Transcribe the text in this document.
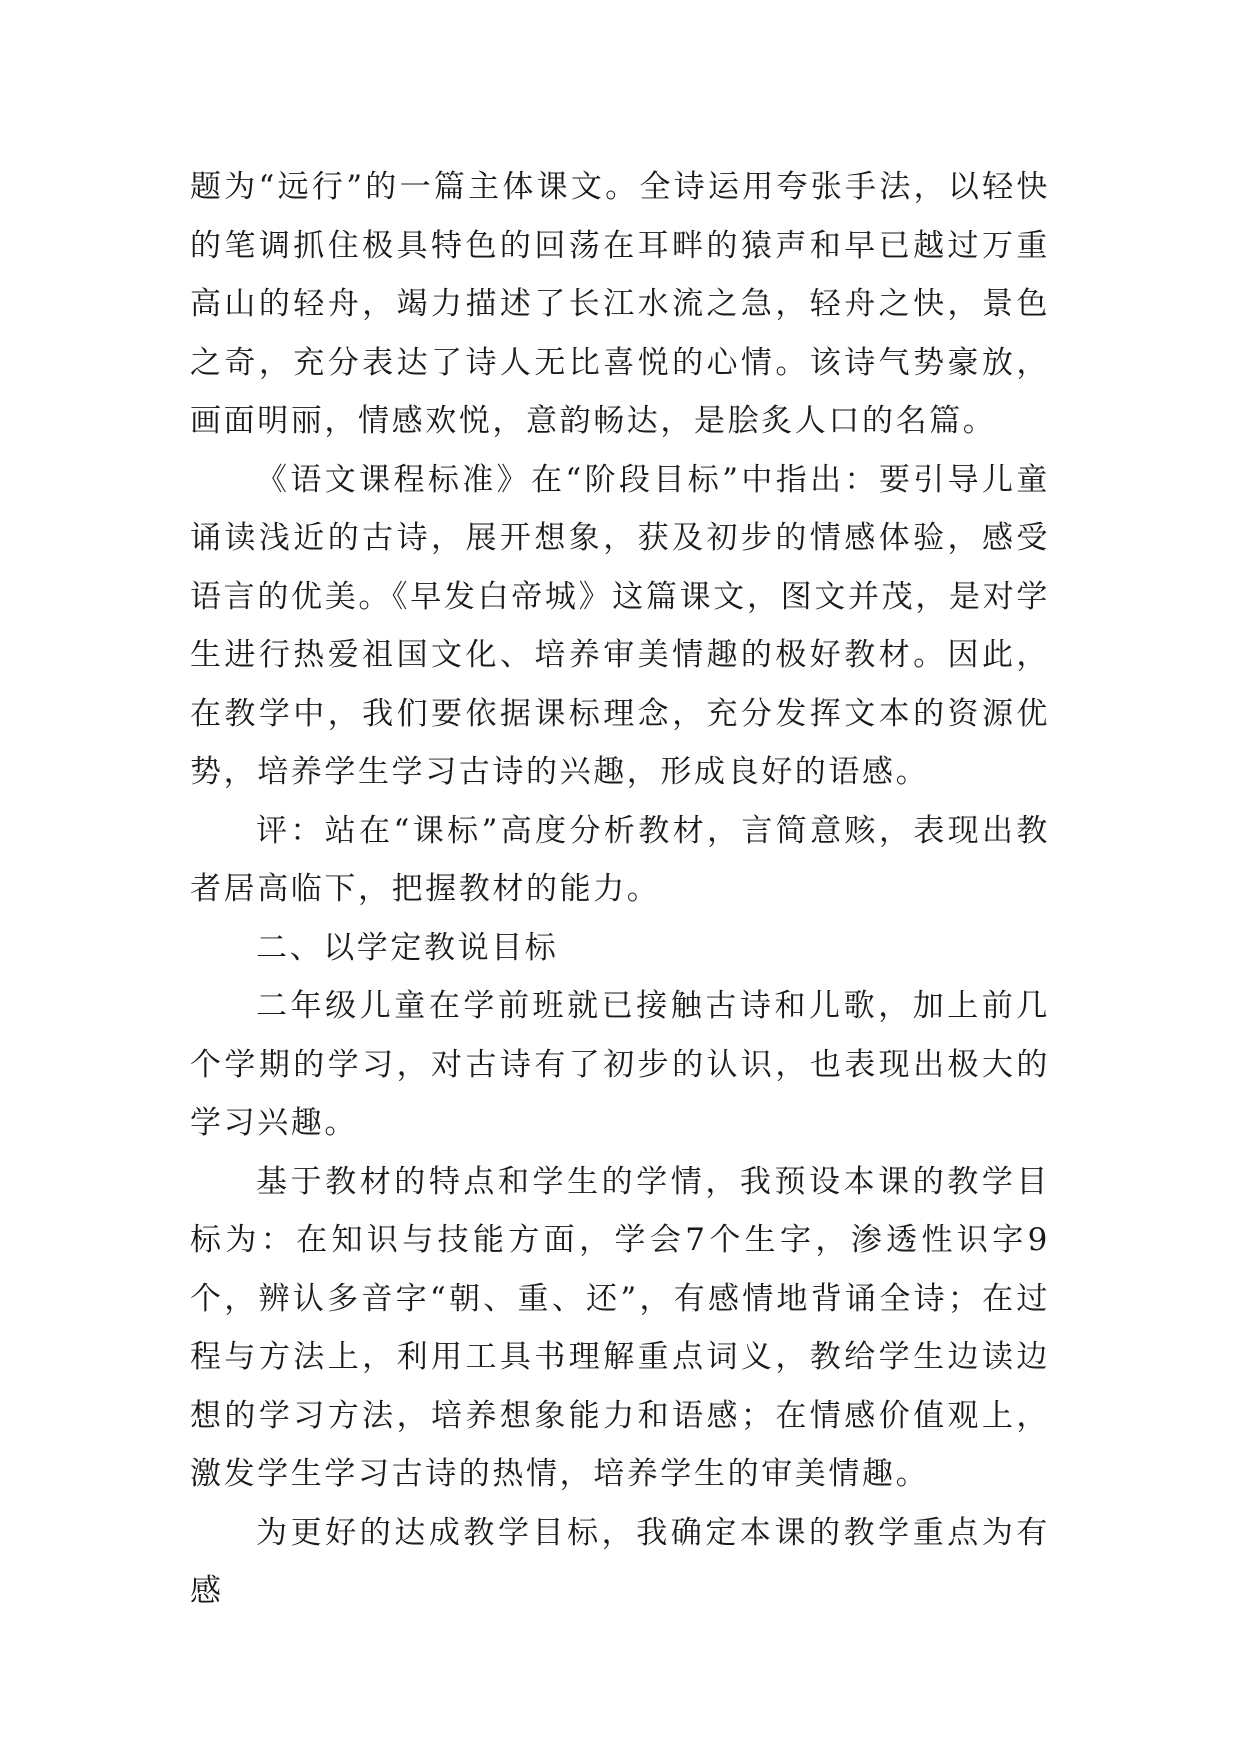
题为“远行”的一篇主体课文。全诗运用夸张手法，以轻快的笔调抓住极具特色的回荡在耳畔的猿声和早已越过万重高山的轻舟，竭力描述了长江水流之急，轻舟之快，景色之奇，充分表达了诗人无比喜悦的心情。该诗气势豪放，画面明丽，情感欢悦，意韵畅达，是脍炙人口的名篇。

《语文课程标准》在“阶段目标”中指出：要引导儿童诵读浅近的古诗，展开想象，获及初步的情感体验，感受语言的优美。《早发白帝城》这篇课文，图文并茂，是对学生进行热爱祖国文化、培养审美情趣的极好教材。因此，在教学中，我们要依据课标理念，充分发挥文本的资源优势，培养学生学习古诗的兴趣，形成良好的语感。

评：站在“课标”高度分析教材，言简意赅，表现出教者居高临下，把握教材的能力。

二、以学定教说目标

二年级儿童在学前班就已接触古诗和儿歌，加上前几个学期的学习，对古诗有了初步的认识，也表现出极大的学习兴趣。

基于教材的特点和学生的学情，我预设本课的教学目标为：在知识与技能方面，学会7个生字，渗透性识字9个，辨认多音字“朝、重、还”，有感情地背诵全诗；在过程与方法上，利用工具书理解重点词义，教给学生边读边想的学习方法，培养想象能力和语感；在情感价值观上，激发学生学习古诗的热情，培养学生的审美情趣。

为更好的达成教学目标，我确定本课的教学重点为有感
